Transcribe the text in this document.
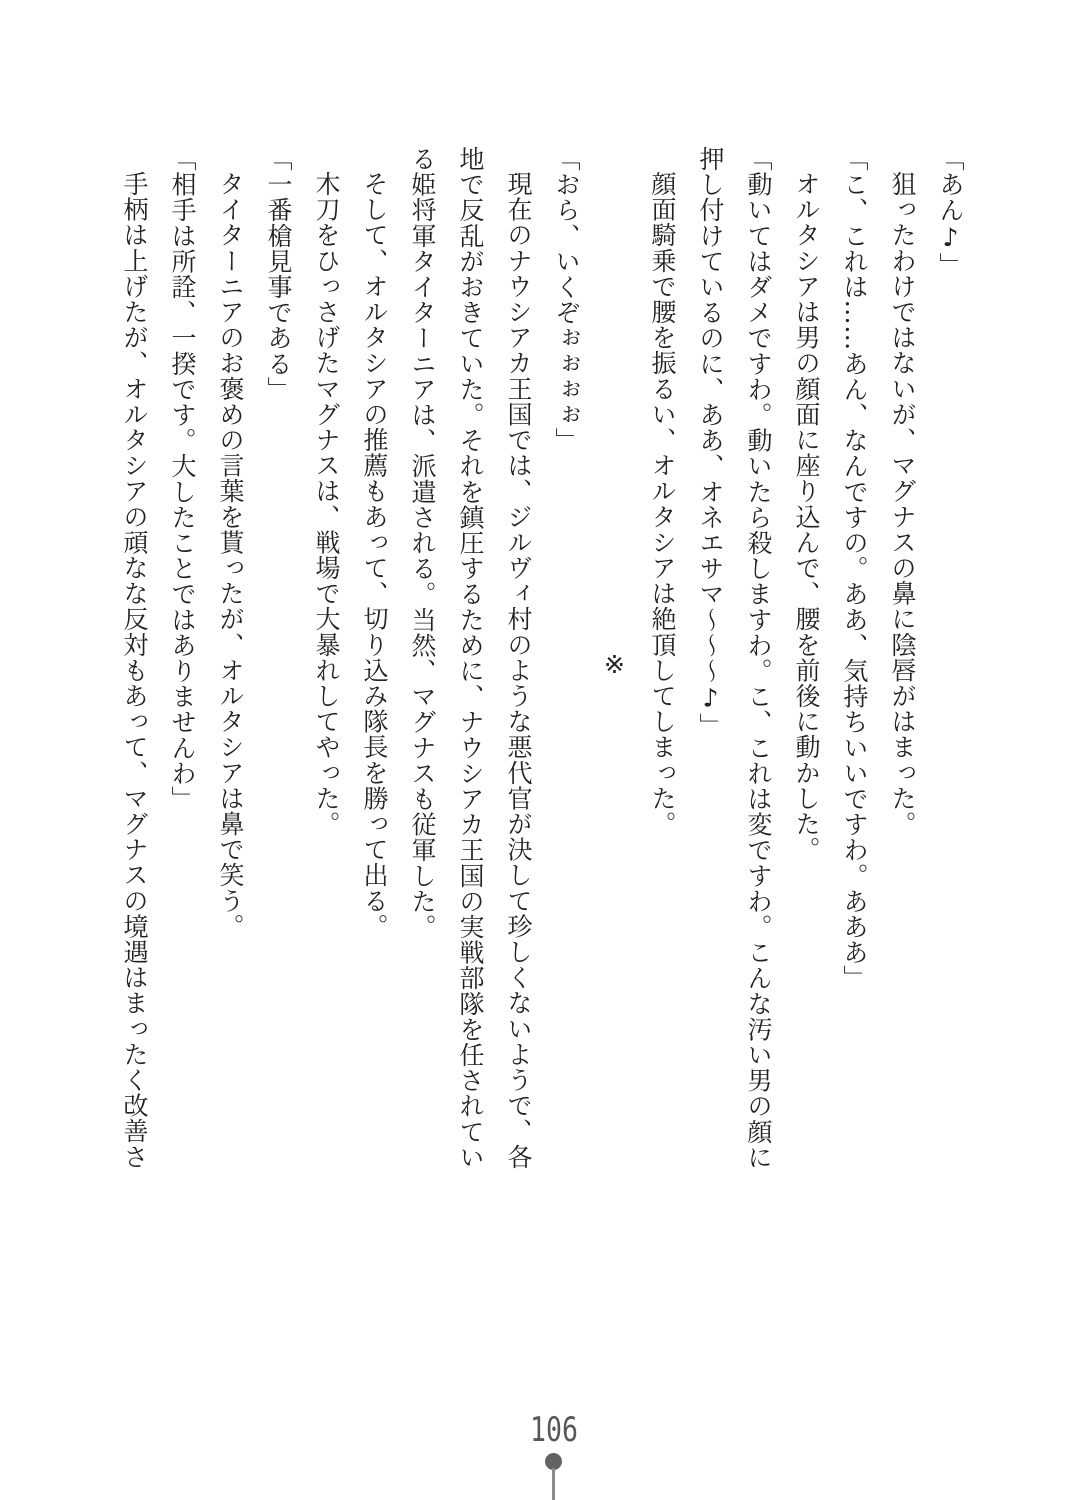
「あん♪」
狙ったわけではないが、マグナスの鼻に陰唇がはまった。
「こ、これは……あん、なんですの。ああ、気持ちいいですわ。あああ」
オルタシアは男の顔面に座り込んで、腰を前後に動かした。
「動いてはダメですわ。動いたら殺しますわ。こ、これは変ですわ。こんな汚い男の顔に
押し付けているのに、ああ、オネエサマ～～～♪」
顔面騎乗で腰を振るい、オルタシアは絶頂してしまった。
※
「おら、いくぞぉぉぉぉ」
現在のナウシアカ王国では、ジルヴィ村のような悪代官が決して珍しくないようで、各
地で反乱がおきていた。それを鎮圧するために、ナウシアカ王国の実戦部隊を任されてい
る姫将軍タイターニアは、派遣される。当然、マグナスも従軍した。
そして、オルタシアの推薦もあって、切り込み隊長を勝って出る。
木刀をひっさげたマグナスは、戦場で大暴れしてやった。
「一番槍見事である」
タイターニアのお褒めの言葉を貰ったが、オルタシアは鼻で笑う。
「相手は所詮、一揆です。大したことではありませんわ」
手柄は上げたが、オルタシアの頑なな反対もあって、マグナスの境遇はまったく改善さ
106
